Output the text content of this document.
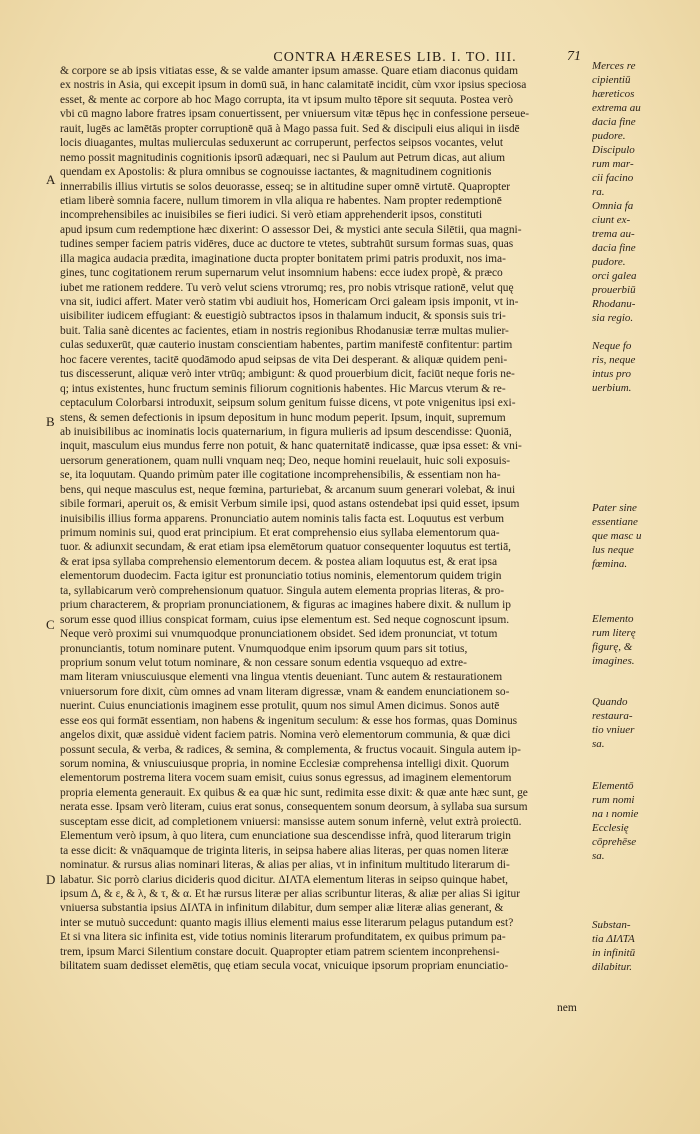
CONTRA HÆRESES LIB. I. TO. III.	71
A
B
C
D
& corpore se ab ipsis vitiatas esse, & se valde amanter ipsum amasse. Quare etiam diaconus quidam
ex nostris in Asia, qui excepit ipsum in domū suā, in hanc calamitatē incidit, cùm vxor ipsius speciosa
esset, & mente ac corpore ab hoc Mago corrupta, ita vt ipsum multo tēpore sit sequuta. Postea verò
vbi cū magno labore fratres ipsam conuertissent, per vniuersum vitæ tēpus hęc in confessione perseue-
rauit, lugēs ac lamētās propter corruptionē quā à Mago passa fuit. Sed & discipuli eius aliqui in iisdē
locis diuagantes, multas mulierculas seduxerunt ac corruperunt, perfectos seipsos vocantes, velut
nemo possit magnitudinis cognitionis ipsorū adæquari, nec si Paulum aut Petrum dicas, aut alium
quendam ex Apostolis: & plura omnibus se cognouisse iactantes, & magnitudinem cognitionis
innerrabilis illius virtutis se solos deuorasse, esseq; se in altitudine super omnē virtutē. Quapropter
etiam liberè somnia facere, nullum timorem in vlla aliqua re habentes. Nam propter redemptionē
incomprehensibiles ac inuisibiles se fieri iudici. Si verò etiam apprehenderit ipsos, constituti
apud ipsum cum redemptione hæc dixerint: O assessor Dei, & mystici ante secula Silētii, qua magni-
tudines semper faciem patris vidēres, duce ac ductore te vtetes, subtrahūt sursum formas suas, quas
illa magica audacia prædita, imaginatione ducta propter bonitatem primi patris produxit, nos ima-
gines, tunc cogitationem rerum supernarum velut insomnium habens: ecce iudex propè, & præco
iubet me rationem reddere. Tu verò velut sciens vtrorumq; res, pro nobis vtrisque rationē, velut quę
vna sit, iudici affert. Mater verò statim vbi audiuit hos, Homericam Orci galeam ipsis imponit, vt in-
uisibiliter iudicem effugiant: & euestigiò subtractos ipsos in thalamum inducit, & sponsis suis tri-
buit. Talia sanè dicentes ac facientes, etiam in nostris regionibus Rhodanusiæ terræ multas mulier-
culas seduxerūt, quæ cauterio inustam conscientiam habentes, partim manifestē confitentur: partim
hoc facere verentes, tacitē quodāmodo apud seipsas de vita Dei desperant. & aliquæ quidem peni-
tus discesserunt, aliquæ verò inter vtrūq; ambigunt: & quod prouerbium dicit, faciūt neque foris ne-
q; intus existentes, hunc fructum seminis filiorum cognitionis habentes. Hic Marcus vterum & re-
ceptaculum Colorbarsi introduxit, seipsum solum genitum fuisse dicens, vt pote vnigenitus ipsi exi-
stens, & semen defectionis in ipsum depositum in hunc modum peperit. Ipsum, inquit, supremum
ab inuisibilibus ac inominatis locis quaternarium, in figura mulieris ad ipsum descendisse: Quoniā,
inquit, masculum eius mundus ferre non potuit, & hanc quaternitatē indicasse, quæ ipsa esset: & vni-
uersorum generationem, quam nulli vnquam neq; Deo, neque homini reuelauit, huic soli exposuis-
se, ita loquutam. Quando primùm pater ille cogitatione incomprehensibilis, & essentiam non ha-
bens, qui neque masculus est, neque fœmina, parturiebat, & arcanum suum generari volebat, & inui
sibile formari, aperuit os, & emisit Verbum simile ipsi, quod astans ostendebat ipsi quid esset, ipsum
inuisibilis illius forma apparens. Pronunciatio autem nominis talis facta est. Loquutus est verbum
primum nominis sui, quod erat principium. Et erat comprehensio eius syllaba elementorum qua-
tuor. & adiunxit secundam, & erat etiam ipsa elemētorum quatuor consequenter loquutus est tertiā,
& erat ipsa syllaba comprehensio elementorum decem. & postea aliam loquutus est, & erat ipsa
elementorum duodecim. Facta igitur est pronunciatio totius nominis, elementorum quidem trigin
ta, syllabicarum verò comprehensionum quatuor. Singula autem elementa proprias literas, & pro-
prium characterem, & propriam pronunciationem, & figuras ac imagines habere dixit. & nullum ip
sorum esse quod illius conspicat formam, cuius ipse elementum est. Sed neque cognoscunt ipsum.
Neque verò proximi sui vnumquodque pronunciationem obsidet. Sed idem pronunciat, vt totum
pronunciantis, totum nominare putent. Vnumquodque enim ipsorum quum pars sit totius,
proprium sonum velut totum nominare, & non cessare sonum edentia vsquequo ad extre-
mam literam vniuscuiusque elementi vna lingua vtentis deueniant. Tunc autem & restaurationem
vniuersorum fore dixit, cùm omnes ad vnam literam digressæ, vnam & eandem enunciationem so-
nuerint. Cuius enunciationis imaginem esse protulit, quum nos simul Amen dicimus. Sonos autē
esse eos qui formāt essentiam, non habens & ingenitum seculum: & esse hos formas, quas Dominus
angelos dixit, quæ assiduè vident faciem patris. Nomina verò elementorum communia, & quæ dici
possunt secula, & verba, & radices, & semina, & complementa, & fructus vocauit. Singula autem ip-
sorum nomina, & vniuscuiusque propria, in nomine Ecclesiæ comprehensa intelligi dixit. Quorum
elementorum postrema litera vocem suam emisit, cuius sonus egressus, ad imaginem elementorum
propria elementa generauit. Ex quibus & ea quæ hic sunt, redimita esse dixit: & quæ ante hæc sunt, ge
nerata esse. Ipsam verò literam, cuius erat sonus, consequentem sonum deorsum, à syllaba sua sursum
susceptam esse dicit, ad completionem vniuersi: mansisse autem sonum infernè, velut extrà proiectū.
Elementum verò ipsum, à quo litera, cum enunciatione sua descendisse infrà, quod literarum trigin
ta esse dicit: & vnāquamque de triginta literis, in seipsa habere alias literas, per quas nomen literæ
nominatur. & rursus alias nominari literas, & alias per alias, vt in infinitum multitudo literarum di-
labatur. Sic porrò clarius dicideris quod dicitur. ΔΙΛΤΑ elementum literas in seipso quinque habet,
ipsum Δ, & ε, & λ, & τ, & α. Et hæ rursus literæ per alias scribuntur literas, & aliæ per alias Si igitur
vniuersa substantia ipsius ΔΙΛΤΑ in infinitum dilabitur, dum semper aliæ literæ alias generant, &
inter se mutuò succedunt: quanto magis illius elementi maius esse literarum pelagus putandum est?
Et si vna litera sic infinita est, vide totius nominis literarum profunditatem, ex quibus primum pa-
trem, ipsum Marci Silentium constare docuit. Quapropter etiam patrem scientem inconprehensi-
bilitatem suam dedisset elemētis, quę etiam secula vocat, vnicuique ipsorum propriam enunciatio-
Merces re
cipientiū
hæreticos
extrema au
dacia fine
pudore.
Discipulo
rum mar-
cii facino
ra.
Omnia fa
ciunt ex-
trema au-
dacia fine
pudore.
orci galea
prouerbiū
Rhodanu-
sia regio.
Neque fo
ris, neque
intus pro
uerbium.
Pater sine
essentiane
que masc u
lus neque
fœmina.
Elemento
rum literę
figurę, &
imagines.
Quando
restaura-
tio vniuer
sa.
Elementō
rum nomi
na ı nomie
Ecclesię
cōprehēse
sa.
Substan-
tia ΔΙΛΤΑ
in infinitū
dilabitur.
nem
